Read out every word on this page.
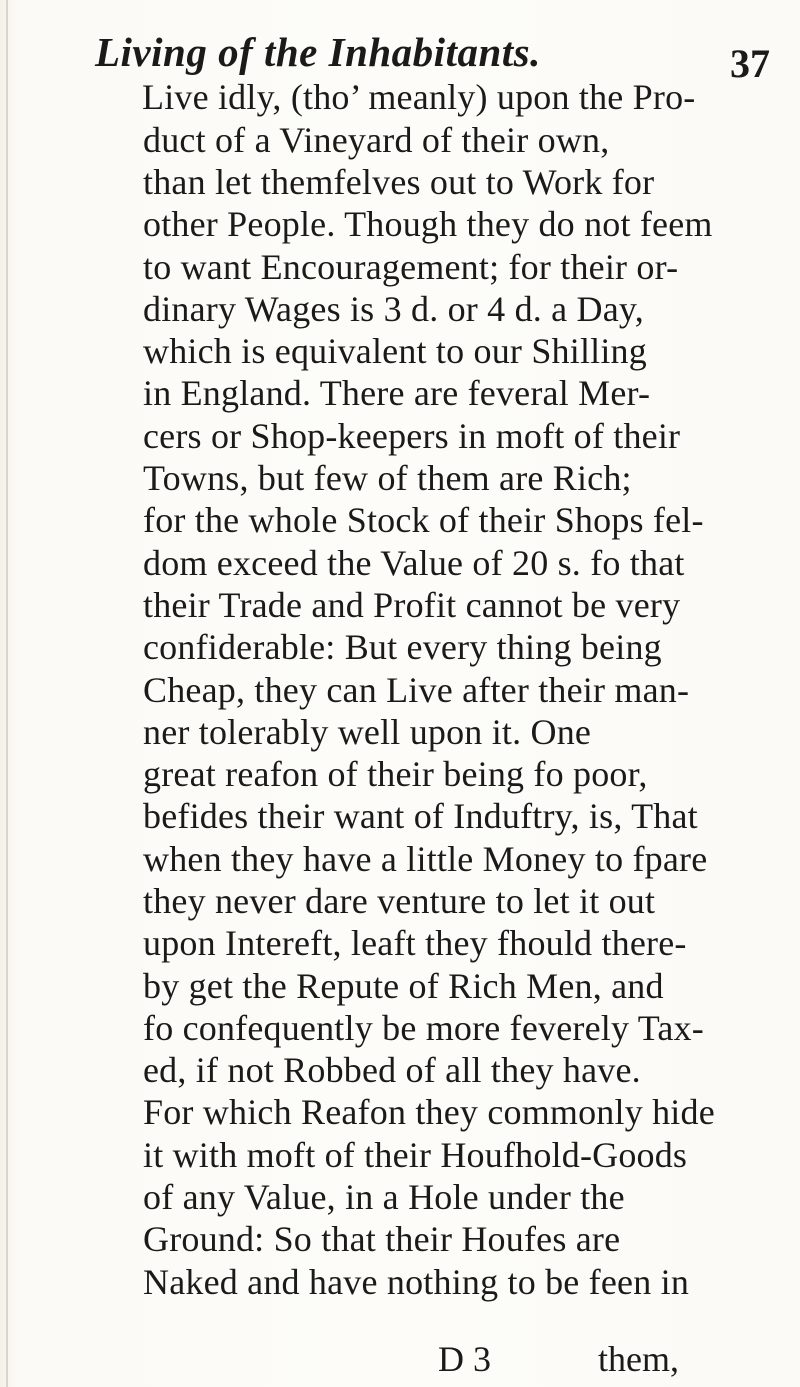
Living of the Inhabitants.	37
Live idly, (tho’ meanly) upon the Pro-
duct of a Vineyard of their own,
than let themfelves out to Work for
other People. Though they do not feem
to want Encouragement; for their or-
dinary Wages is 3 d. or 4 d. a Day,
which is equivalent to our Shilling
in England. There are feveral Mer-
cers or Shop-keepers in moft of their
Towns, but few of them are Rich;
for the whole Stock of their Shops fel-
dom exceed the Value of 20 s. fo that
their Trade and Profit cannot be very
confiderable: But every thing being
Cheap, they can Live after their man-
ner tolerably well upon it. One
great reafon of their being fo poor,
befides their want of Induftry, is, That
when they have a little Money to fpare
they never dare venture to let it out
upon Intereft, leaft they fhould there-
by get the Repute of Rich Men, and
fo confequently be more feverely Tax-
ed, if not Robbed of all they have.
For which Reafon they commonly hide
it with moft of their Houfhold-Goods
of any Value, in a Hole under the
Ground: So that their Houfes are
Naked and have nothing to be feen in
D 3	them,
